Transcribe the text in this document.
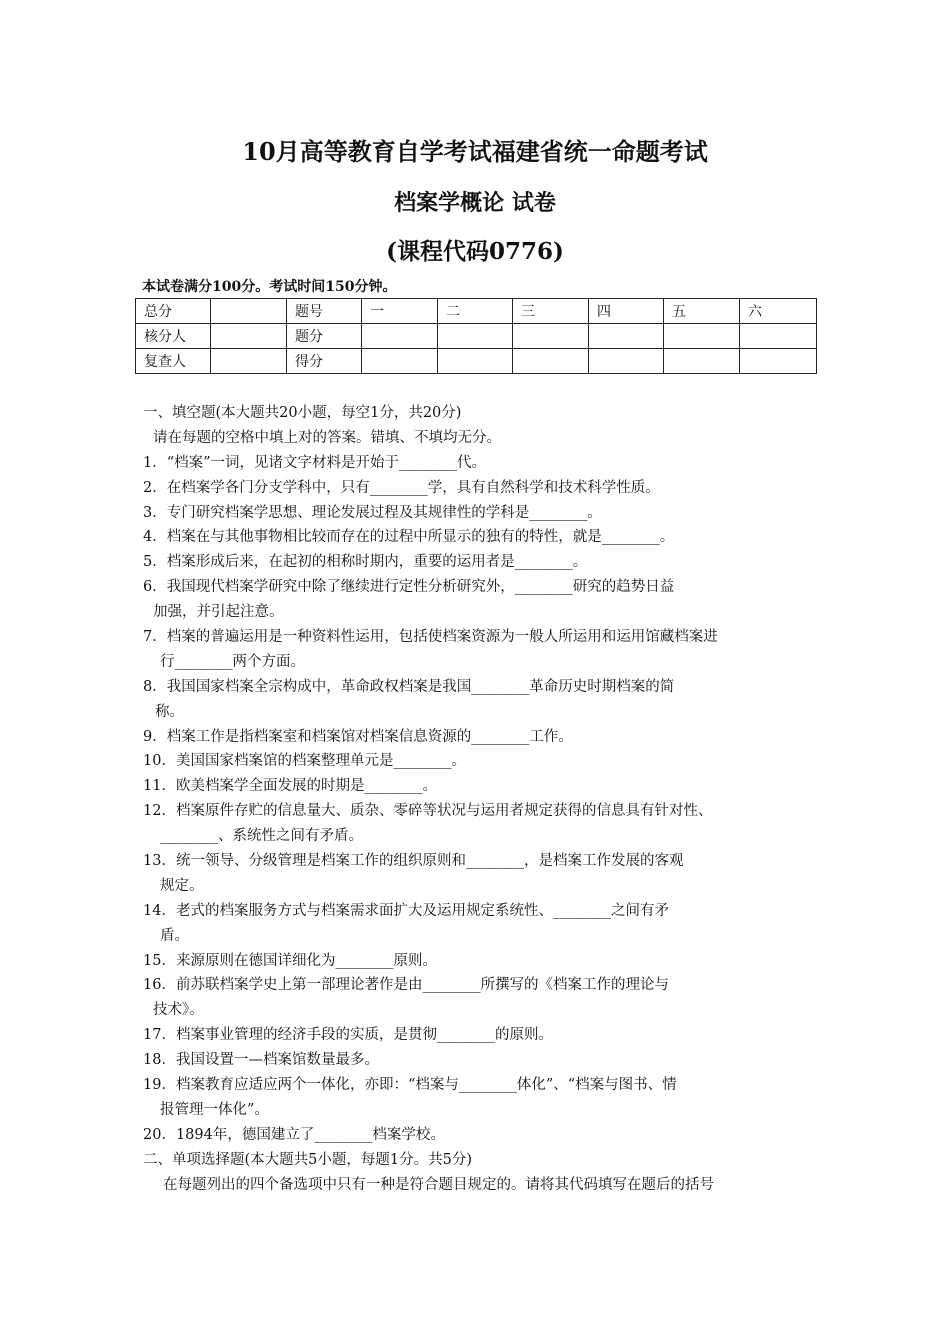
10月高等教育自学考试福建省统一命题考试
档案学概论 试卷
(课程代码0776)
本试卷满分100分。考试时间150分钟。
总分		题号	一	二	三	四	五	六
核分人		题分						
复查人		得分						
一、填空题(本大题共20小题，每空1分，共20分)
请在每题的空格中填上对的答案。错填、不填均无分。
1．“档案”一词，见诸文字材料是开始于________代。
2．在档案学各门分支学科中，只有________学，具有自然科学和技术科学性质。
3．专门研究档案学思想、理论发展过程及其规律性的学科是________。
4．档案在与其他事物相比较而存在的过程中所显示的独有的特性，就是________。
5．档案形成后来，在起初的相称时期内，重要的运用者是________。
6．我国现代档案学研究中除了继续进行定性分析研究外，________研究的趋势日益
加强，并引起注意。
7．档案的普遍运用是一种资料性运用，包括使档案资源为一般人所运用和运用馆藏档案进
行________两个方面。
8．我国国家档案全宗构成中，革命政权档案是我国________革命历史时期档案的简
称。
9．档案工作是指档案室和档案馆对档案信息资源的________工作。
10．美国国家档案馆的档案整理单元是________。
11．欧美档案学全面发展的时期是________。
12．档案原件存贮的信息量大、质杂、零碎等状况与运用者规定获得的信息具有针对性、
________、系统性之间有矛盾。
13．统一领导、分级管理是档案工作的组织原则和________，是档案工作发展的客观
规定。
14．老式的档案服务方式与档案需求面扩大及运用规定系统性、________之间有矛
盾。
15．来源原则在德国详细化为________原则。
16．前苏联档案学史上第一部理论著作是由________所撰写的《档案工作的理论与
技术》。
17．档案事业管理的经济手段的实质，是贯彻________的原则。
18．我国设置一—档案馆数量最多。
19．档案教育应适应两个一体化，亦即：“档案与________体化”、“档案与图书、情
报管理一体化”。
20．1894年，德国建立了________档案学校。
二、单项选择题(本大题共5小题，每题1分。共5分)
在每题列出的四个备选项中只有一种是符合题目规定的。请将其代码填写在题后的括号
